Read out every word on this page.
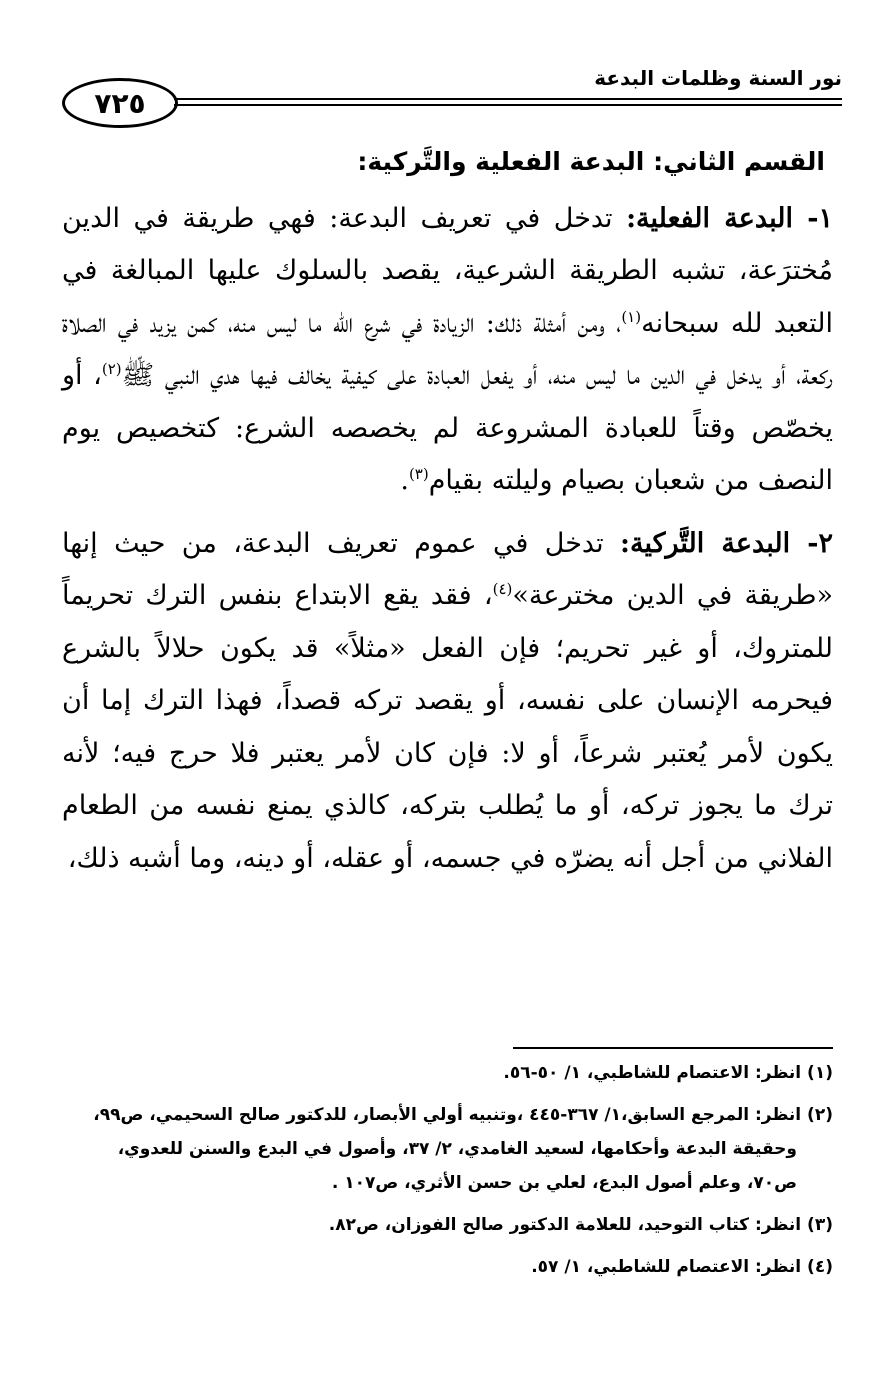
٧٢٥
نور السنة وظلمات البدعة
القسم الثاني: البدعة الفعلية والتَّركية:

١- البدعة الفعلية: تدخل في تعريف البدعة: فهي طريقة في الدين مُخترَعة، تشبه الطريقة الشرعية، يقصد بالسلوك عليها المبالغة في التعبد لله سبحانه$^{(١)}$، ومن أمثلة ذلك: الزيادة في شرع الله ما ليس منه، كمن يزيد في الصلاة ركعة، أو يدخل في الدين ما ليس منه، أو يفعل العبادة على كيفية يخالف فيها هدي النبي ﷺ$^{(٢)}$، أو يخصّص وقتاً للعبادة المشروعة لم يخصصه الشرع: كتخصيص يوم النصف من شعبان بصيام وليلته بقيام$^{(٣)}$.

٢- البدعة التَّركية: تدخل في عموم تعريف البدعة، من حيث إنها «طريقة في الدين مخترعة»$^{(٤)}$، فقد يقع الابتداع بنفس الترك تحريماً للمتروك، أو غير تحريم؛ فإن الفعل «مثلاً» قد يكون حلالاً بالشرع فيحرمه الإنسان على نفسه، أو يقصد تركه قصداً، فهذا الترك إما أن يكون لأمر يُعتبر شرعاً، أو لا: فإن كان لأمر يعتبر فلا حرج فيه؛ لأنه ترك ما يجوز تركه، أو ما يُطلب بتركه، كالذي يمنع نفسه من الطعام الفلاني من أجل أنه يضرّه في جسمه، أو عقله، أو دينه، وما أشبه ذلك،

(١) انظر: الاعتصام للشاطبي، ١/ ٥٠-٥٦.
(٢) انظر: المرجع السابق،١/ ٣٦٧-٤٤٥ ،وتنبيه أولي الأبصار، للدكتور صالح السحيمي، ص٩٩،
وحقيقة البدعة وأحكامها، لسعيد الغامدي، ٢/ ٣٧، وأصول في البدع والسنن للعدوي،
ص٧٠، وعلم أصول البدع، لعلي بن حسن الأثري، ص١٠٧ .
(٣) انظر: كتاب التوحيد، للعلامة الدكتور صالح الفوزان، ص٨٢.
(٤) انظر: الاعتصام للشاطبي، ١/ ٥٧.
